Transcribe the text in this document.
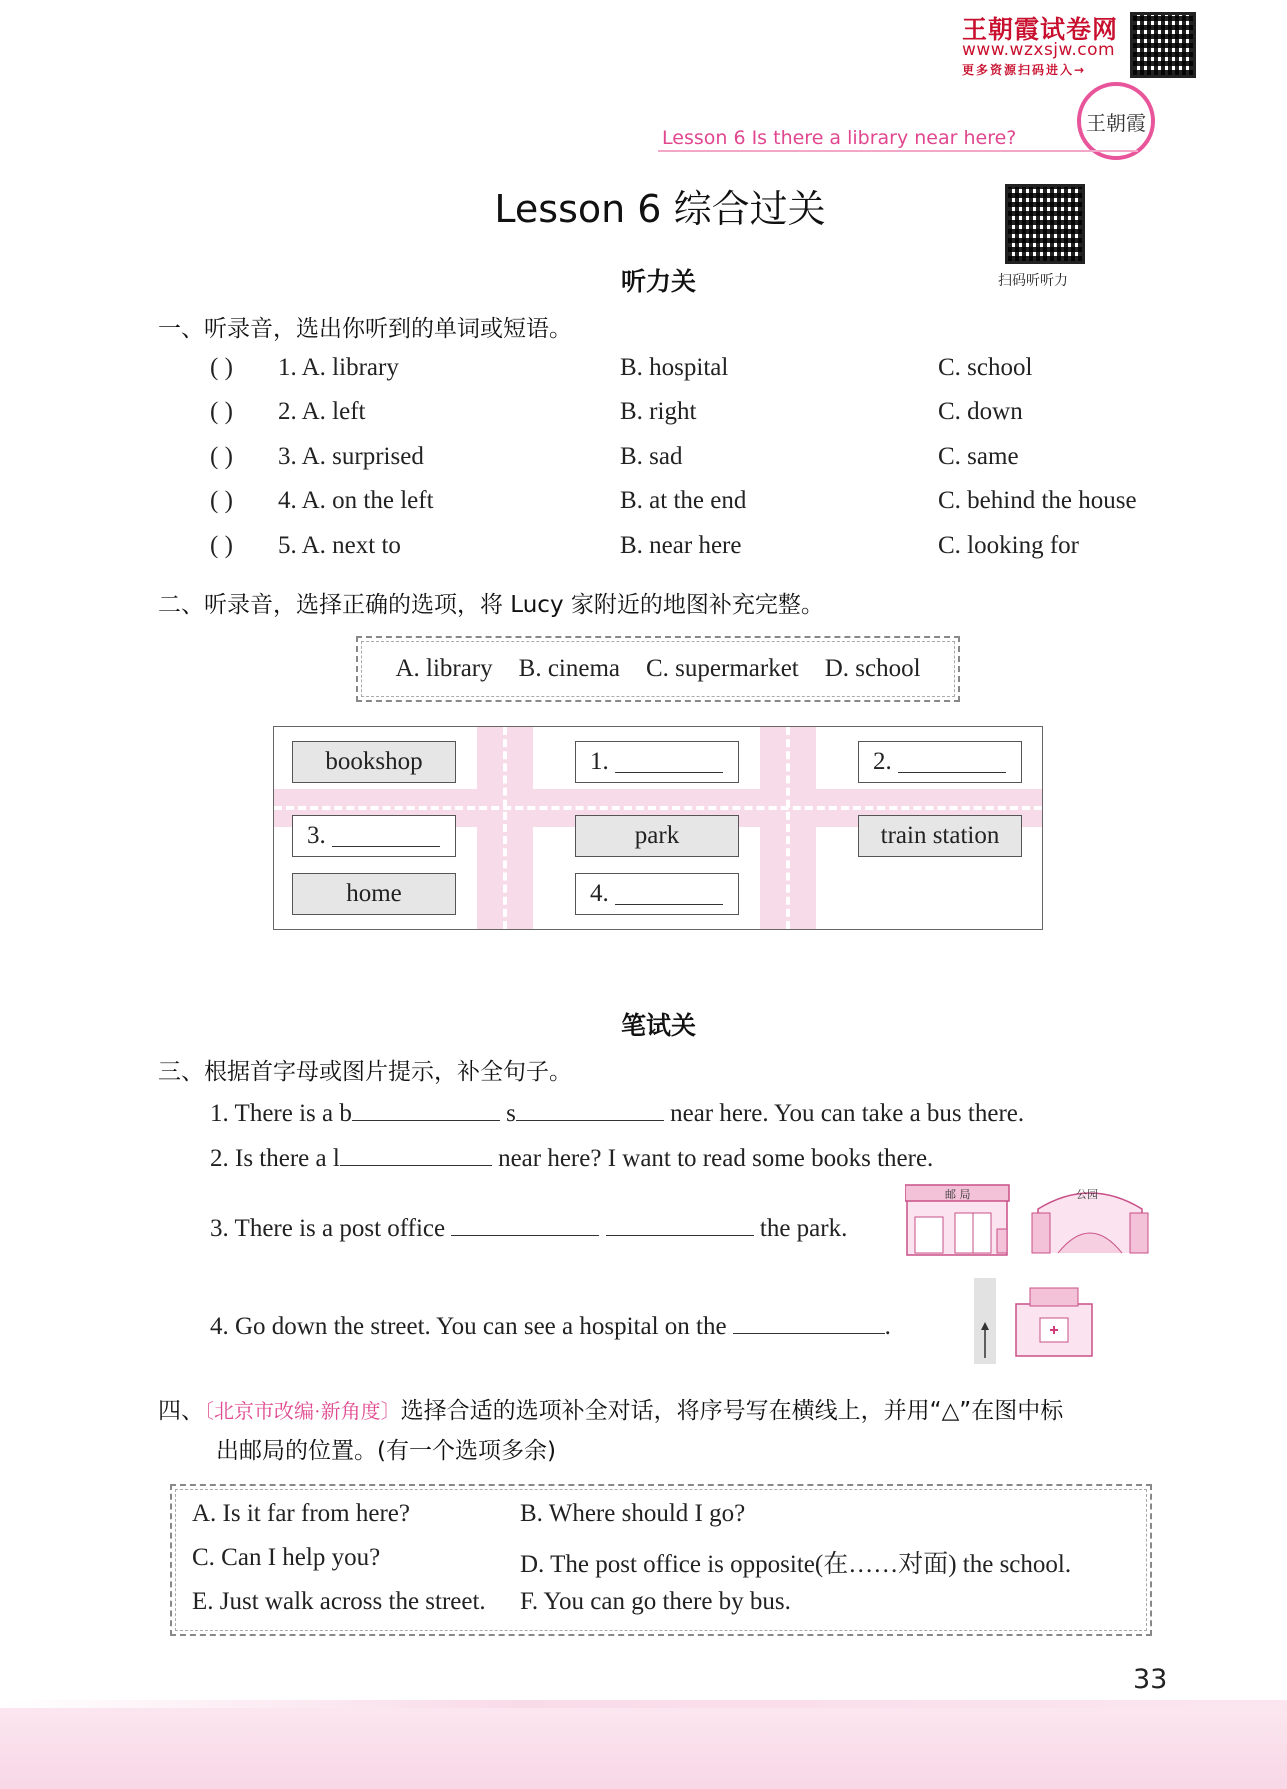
王朝霞试卷网
www.wzxsjw.com
更多资源扫码进入→
王朝霞
Lesson 6 Is there a library near here?
Lesson 6 综合过关
扫码听听力
听力关
一、听录音，选出你听到的单词或短语。
( ) 1. A. library	B. hospital	C. school
( ) 2. A. left	B. right	C. down
( ) 3. A. surprised	B. sad	C. same
( ) 4. A. on the left	B. at the end	C. behind the house
( ) 5. A. next to	B. near here	C. looking for
二、听录音，选择正确的选项，将 Lucy 家附近的地图补充完整。
A. library B. cinema C. supermarket D. school
bookshop	1.	2.
3.	park	train station
home	4.
笔试关
三、根据首字母或图片提示，补全句子。
1. There is a b	s	near here. You can take a bus there.
2. Is there a l	near here? I want to read some books there.
3. There is a post office	the park.
邮 局	公园
4. Go down the street. You can see a hospital on the	.
四、〔北京市改编·新角度〕选择合适的选项补全对话，将序号写在横线上，并用“△”在图中标
出邮局的位置。(有一个选项多余)
A. Is it far from here?	B. Where should I go?
C. Can I help you?	D. The post office is opposite(在……对面) the school.
E. Just walk across the street. F. You can go there by bus.
33
